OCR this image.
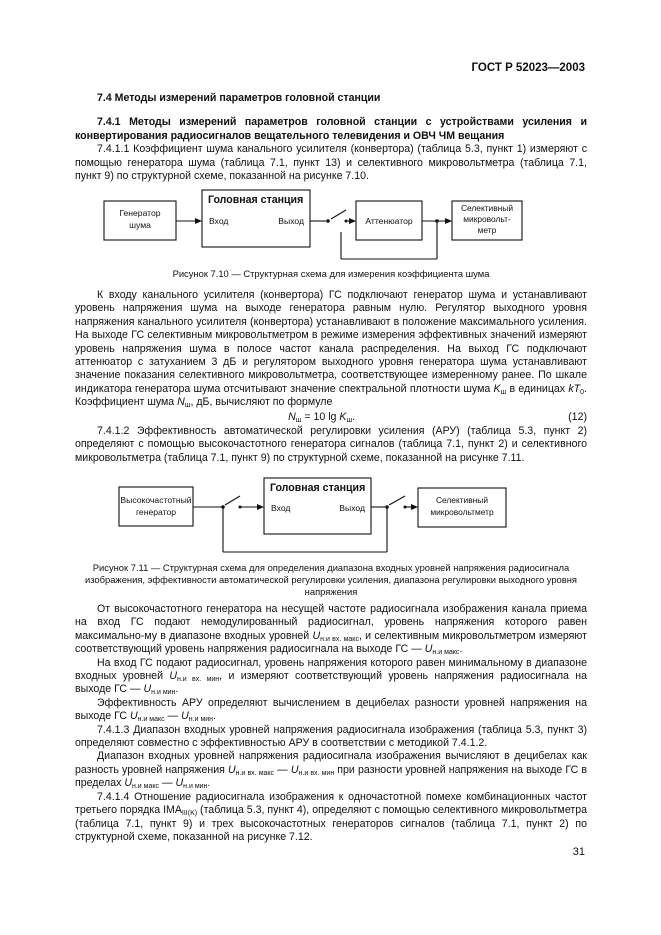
ГОСТ Р 52023—2003

7.4 Методы измерений параметров головной станции

7.4.1 Методы измерений параметров головной станции с устройствами усиления и конвертирования радиосигналов вещательного телевидения и ОВЧ ЧМ вещания

7.4.1.1 Коэффициент шума канального усилителя (конвертора) (таблица 5.3, пункт 1) измеряют с помощью генератора шума (таблица 7.1, пункт 13) и селективного микровольтметра (таблица 7.1, пункт 9) по структурной схеме, показанной на рисунке 7.10.

Генератор
шума
Головная станция
Вход	Выход	Аттенюатор
Селективный
микровольт-
метр
Рисунок 7.10 — Структурная схема для измерения коэффициента шума

К входу канального усилителя (конвертора) ГС подключают генератор шума и устанавливают уровень напряжения шума на выходе генератора равным нулю. Регулятор выходного уровня напряжения канального усилителя (конвертора) устанавливают в положение максимального усиления. На выходе ГС селективным микровольтметром в режиме измерения эффективных значений измеряют уровень напряжения шума в полосе частот канала распределения. На выход ГС подключают аттенюатор с затуханием 3 дБ и регулятором выходного уровня генератора шума устанавливают значение показания селективного микровольтметра, соответствующее измеренному ранее. По шкале индикатора генератора шума отсчитывают значение спектральной плотности шума $K_ш$ в единицах $kT_0$. Коэффициент шума $N_ш$, дБ, вычисляют по формуле

$N_ш = 10$ $\lg K_ш$.	(12)

7.4.1.2 Эффективность автоматической регулировки усиления (АРУ) (таблица 5.3, пункт 2) определяют с помощью высокочастотного генератора сигналов (таблица 7.1, пункт 2) и селективного микровольтметра (таблица 7.1, пункт 9) по структурной схеме, показанной на рисунке 7.11.

Высокочастотный
генератор
Головная станция
Вход	Выход
Селективный
микровольтметр
Рисунок 7.11 — Структурная схема для определения диапазона входных уровней напряжения радиосигнала
изображения, эффективности автоматической регулировки усиления, диапазона регулировки выходного уровня
напряжения

От высокочастотного генератора на несущей частоте радиосигнала изображения канала приема на вход ГС подают немодулированный радиосигнал, уровень напряжения которого равен максимально-му в диапазоне входных уровней $U_{н.и вх. макс}$, и селективным микровольтметром измеряют соответствующий уровень напряжения радиосигнала на выходе ГС — $U_{н.и макс}$.

На вход ГС подают радиосигнал, уровень напряжения которого равен минимальному в диапазоне входных уровней $U_{н.и вх. мин}$, и измеряют соответствующий уровень напряжения радиосигнала на выходе ГС — $U_{н.и мин}$.

Эффективность АРУ определяют вычислением в децибелах разности уровней напряжения на выходе ГС $U_{н.и макс}$ — $U_{н.и мин}$.

7.4.1.3 Диапазон входных уровней напряжения радиосигнала изображения (таблица 5.3, пункт 3) определяют совместно с эффективностью АРУ в соответствии с методикой 7.4.1.2.

Диапазон входных уровней напряжения радиосигнала изображения вычисляют в децибелах как разность уровней напряжения $U_{н.и вх. макс}$ — $U_{н.и вх. мин}$ при разности уровней напряжения на выходе ГС в пределах $U_{н.и макс}$ — $U_{н.и мин}$.

7.4.1.4 Отношение радиосигнала изображения к одночастотной помехе комбинационных частот третьего порядка $IMA_{III(K)}$ (таблица 5.3, пункт 4), определяют с помощью селективного микровольтметра (таблица 7.1, пункт 9) и трех высокочастотных генераторов сигналов (таблица 7.1, пункт 2) по структурной схеме, показанной на рисунке 7.12.

31
